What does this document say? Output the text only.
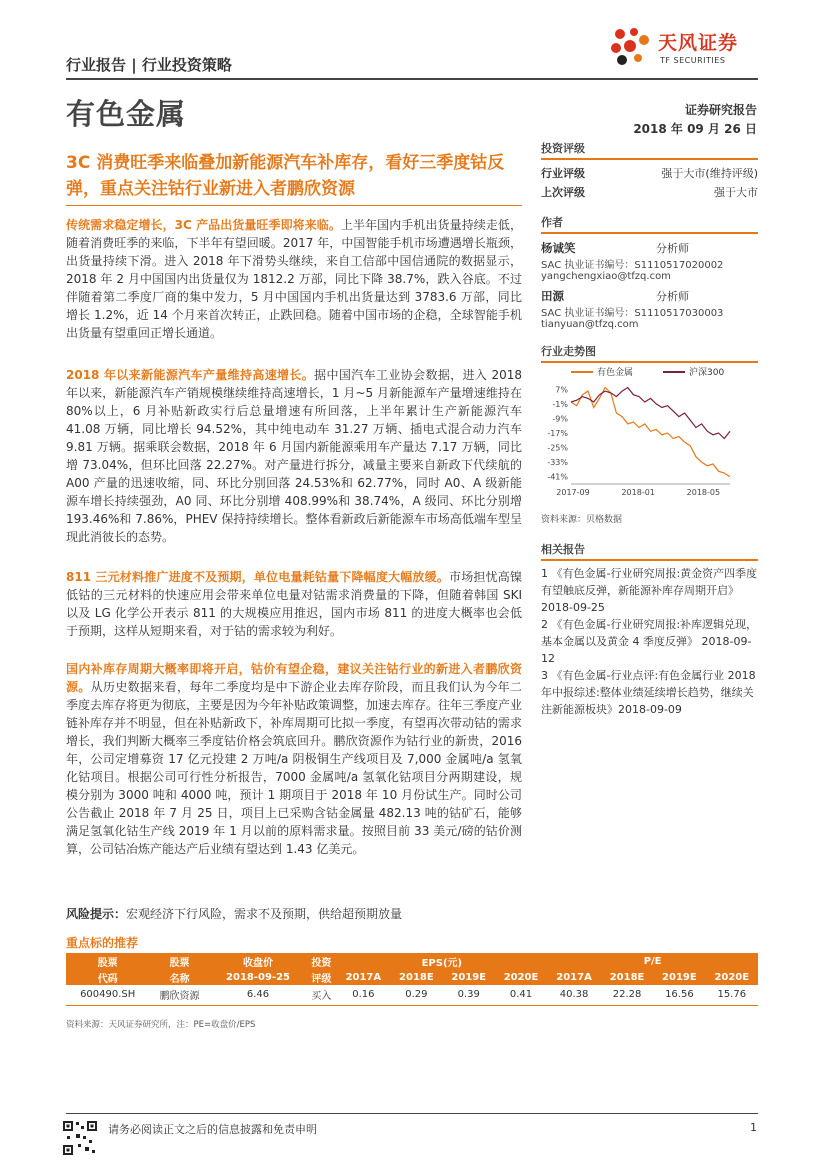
行业报告 | 行业投资策略
天风证券
TF SECURITIES
有色金属	证券研究报告
2018 年 09 月 26 日
3C 消费旺季来临叠加新能源汽车补库存，看好三季度钴反弹，重点关注钴行业新进入者鹏欣资源
传统需求稳定增长，3C 产品出货量旺季即将来临。上半年国内手机出货量持续走低，随着消费旺季的来临，下半年有望回暖。2017 年，中国智能手机市场遭遇增长瓶颈，出货量持续下滑。进入 2018 年下滑势头继续，来自工信部中国信通院的数据显示，2018 年 2 月中国国内出货量仅为 1812.2 万部，同比下降 38.7%，跌入谷底。不过伴随着第二季度厂商的集中发力，5 月中国国内手机出货量达到 3783.6 万部，同比增长 1.2%，近 14 个月来首次转正，止跌回稳。随着中国市场的企稳，全球智能手机出货量有望重回正增长通道。
2018 年以来新能源汽车产量维持高速增长。据中国汽车工业协会数据，进入 2018 年以来，新能源汽车产销规模继续维持高速增长，1 月~5 月新能源车产量增速维持在 80%以上，6 月补贴新政实行后总量增速有所回落，上半年累计生产新能源汽车 41.08 万辆，同比增长 94.52%，其中纯电动车 31.27 万辆、插电式混合动力汽车 9.81 万辆。据乘联会数据，2018 年 6 月国内新能源乘用车产量达 7.17 万辆，同比增 73.04%，但环比回落 22.27%。对产量进行拆分，减量主要来自新政下代续航的 A00 产量的迅速收缩，同、环比分别回落 24.53%和 62.77%，同时 A0、A 级新能源车增长持续强劲，A0 同、环比分别增 408.99%和 38.74%，A 级同、环比分别增 193.46%和 7.86%，PHEV 保持持续增长。整体看新政后新能源车市场高低端车型呈现此消彼长的态势。
811 三元材料推广进度不及预期，单位电量耗钴量下降幅度大幅放缓。市场担忧高镍低钴的三元材料的快速应用会带来单位电量对钴需求消费量的下降，但随着韩国 SKI 以及 LG 化学公开表示 811 的大规模应用推迟，国内市场 811 的进度大概率也会低于预期，这样从短期来看，对于钴的需求较为利好。
国内补库存周期大概率即将开启，钴价有望企稳，建议关注钴行业的新进入者鹏欣资源。从历史数据来看，每年二季度均是中下游企业去库存阶段，而且我们认为今年二季度去库存将更为彻底，主要是因为今年补贴政策调整，加速去库存。往年三季度产业链补库存并不明显，但在补贴新政下，补库周期可比拟一季度，有望再次带动钴的需求增长，我们判断大概率三季度钴价格会筑底回升。鹏欣资源作为钴行业的新贵，2016 年，公司定增募资 17 亿元投建 2 万吨/a 阴极铜生产线项目及 7,000 金属吨/a 氢氧化钴项目。根据公司可行性分析报告，7000 金属吨/a 氢氧化钴项目分两期建设，规模分别为 3000 吨和 4000 吨，预计 1 期项目于 2018 年 10 月份试生产。同时公司公告截止 2018 年 7 月 25 日，项目上已采购含钴金属量 482.13 吨的钴矿石，能够满足氢氧化钴生产线 2019 年 1 月以前的原料需求量。按照目前 33 美元/磅的钴价测算，公司钴冶炼产能达产后业绩有望达到 1.43 亿美元。
风险提示：宏观经济下行风险，需求不及预期，供给超预期放量
投资评级
行业评级	强于大市(维持评级)
上次评级	强于大市
作者
杨诚笑	分析师
SAC 执业证书编号：S1110517020002
yangchengxiao@tfzq.com
田源	分析师
SAC 执业证书编号：S1110517030003
tianyuan@tfzq.com
行业走势图
有色金属	沪深300
7%
-1%
-9%
-17%
-25%
-33%
-41%
2017-09	2018-01	2018-05
资料来源：贝格数据
相关报告
1 《有色金属-行业研究周报:黄金资产四季度有望触底反弹，新能源补库存周期开启》 2018-09-25
2 《有色金属-行业研究周报:补库逻辑兑现，基本金属以及黄金 4 季度反弹》 2018-09-12
3 《有色金属-行业点评:有色金属行业 2018 年中报综述:整体业绩延续增长趋势，继续关注新能源板块》2018-09-09
重点标的推荐
股票	股票	收盘价	投资	EPS(元)				P/E			
代码	名称	2018-09-25	评级	2017A	2018E	2019E	2020E	2017A	2018E	2019E	2020E
600490.SH	鹏欣资源	6.46	买入	0.16	0.29	0.39	0.41	40.38	22.28	16.56	15.76
资料来源：天风证券研究所，注：PE=收盘价/EPS
请务必阅读正文之后的信息披露和免责申明	1
